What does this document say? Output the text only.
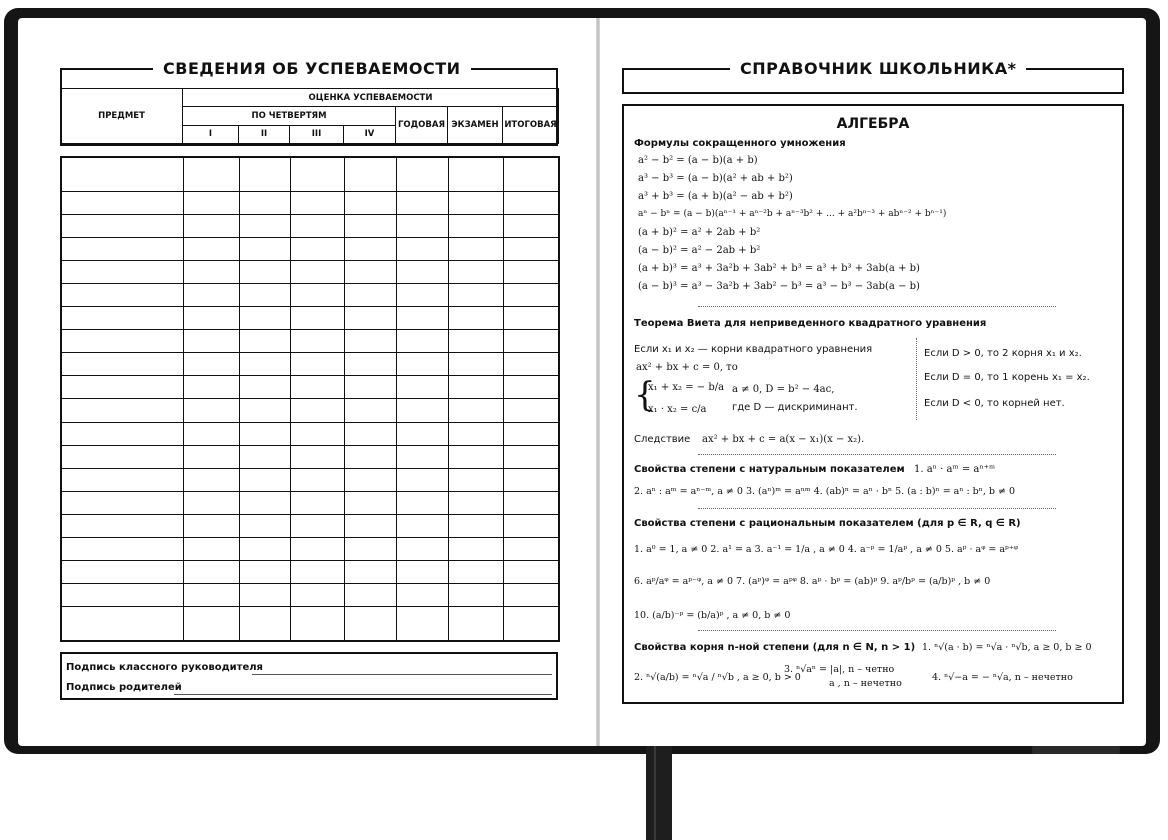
СВЕДЕНИЯ ОБ УСПЕВАЕМОСТИ
ПРЕДМЕТ	ОЦЕНКА УСПЕВАЕМОСТИ						
	ПО ЧЕТВЕРТЯМ				ГОДОВАЯ	ЭКЗАМЕН	ИТОГОВАЯ
	I	II	III	IV			

Подпись классного руководителя
Подпись родителей
СПРАВОЧНИК ШКОЛЬНИКА*
АЛГЕБРА
Формулы сокращенного умножения
a² − b² = (a − b)(a + b)
a³ − b³ = (a − b)(a² + ab + b²)
a³ + b³ = (a + b)(a² − ab + b²)
aⁿ − bⁿ = (a − b)(aⁿ⁻¹ + aⁿ⁻²b + aⁿ⁻³b² + ... + a²bⁿ⁻³ + abⁿ⁻² + bⁿ⁻¹)
(a + b)² = a² + 2ab + b²
(a − b)² = a² − 2ab + b²
(a + b)³ = a³ + 3a²b + 3ab² + b³ = a³ + b³ + 3ab(a + b)
(a − b)³ = a³ − 3a²b + 3ab² − b³ = a³ − b³ − 3ab(a − b)
Теорема Виета для неприведенного квадратного уравнения
Если x₁ и x₂ — корни квадратного уравнения
ax² + bx + c = 0, то
{
x₁ + x₂ = − b/a
x₁ · x₂ = c/a
a ≠ 0, D = b² − 4ac,
где D — дискриминант.
Если D > 0, то 2 корня x₁ и x₂.
Если D = 0, то 1 корень x₁ = x₂.
Если D < 0, то корней нет.
Следствие ax² + bx + c = a(x − x₁)(x − x₂).
Свойства степени с натуральным показателем 1. aⁿ · aᵐ = aⁿ⁺ᵐ
2. aⁿ : aᵐ = aⁿ⁻ᵐ, a ≠ 0 3. (aⁿ)ᵐ = aⁿᵐ 4. (ab)ⁿ = aⁿ · bⁿ 5. (a : b)ⁿ = aⁿ : bⁿ, b ≠ 0
Свойства степени с рациональным показателем (для p ∈ R, q ∈ R)
1. a⁰ = 1, a ≠ 0 2. a¹ = a 3. a⁻¹ = 1/a , a ≠ 0 4. a⁻ᵖ = 1/aᵖ , a ≠ 0 5. aᵖ · aᵠ = aᵖ⁺ᵠ
6. aᵖ/aᵠ = aᵖ⁻ᵠ, a ≠ 0 7. (aᵖ)ᵠ = aᵖᵠ 8. aᵖ · bᵖ = (ab)ᵖ 9. aᵖ/bᵖ = (a/b)ᵖ , b ≠ 0
10. (a/b)⁻ᵖ = (b/a)ᵖ , a ≠ 0, b ≠ 0
Свойства корня n-ной степени (для n ∈ N, n > 1) 1. ⁿ√(a · b) = ⁿ√a · ⁿ√b, a ≥ 0, b ≥ 0
2. ⁿ√(a/b) = ⁿ√a / ⁿ√b , a ≥ 0, b > 0
3. ⁿ√aⁿ = |a|, n – четно
a , n – нечетно
4. ⁿ√−a = − ⁿ√a, n – нечетно
